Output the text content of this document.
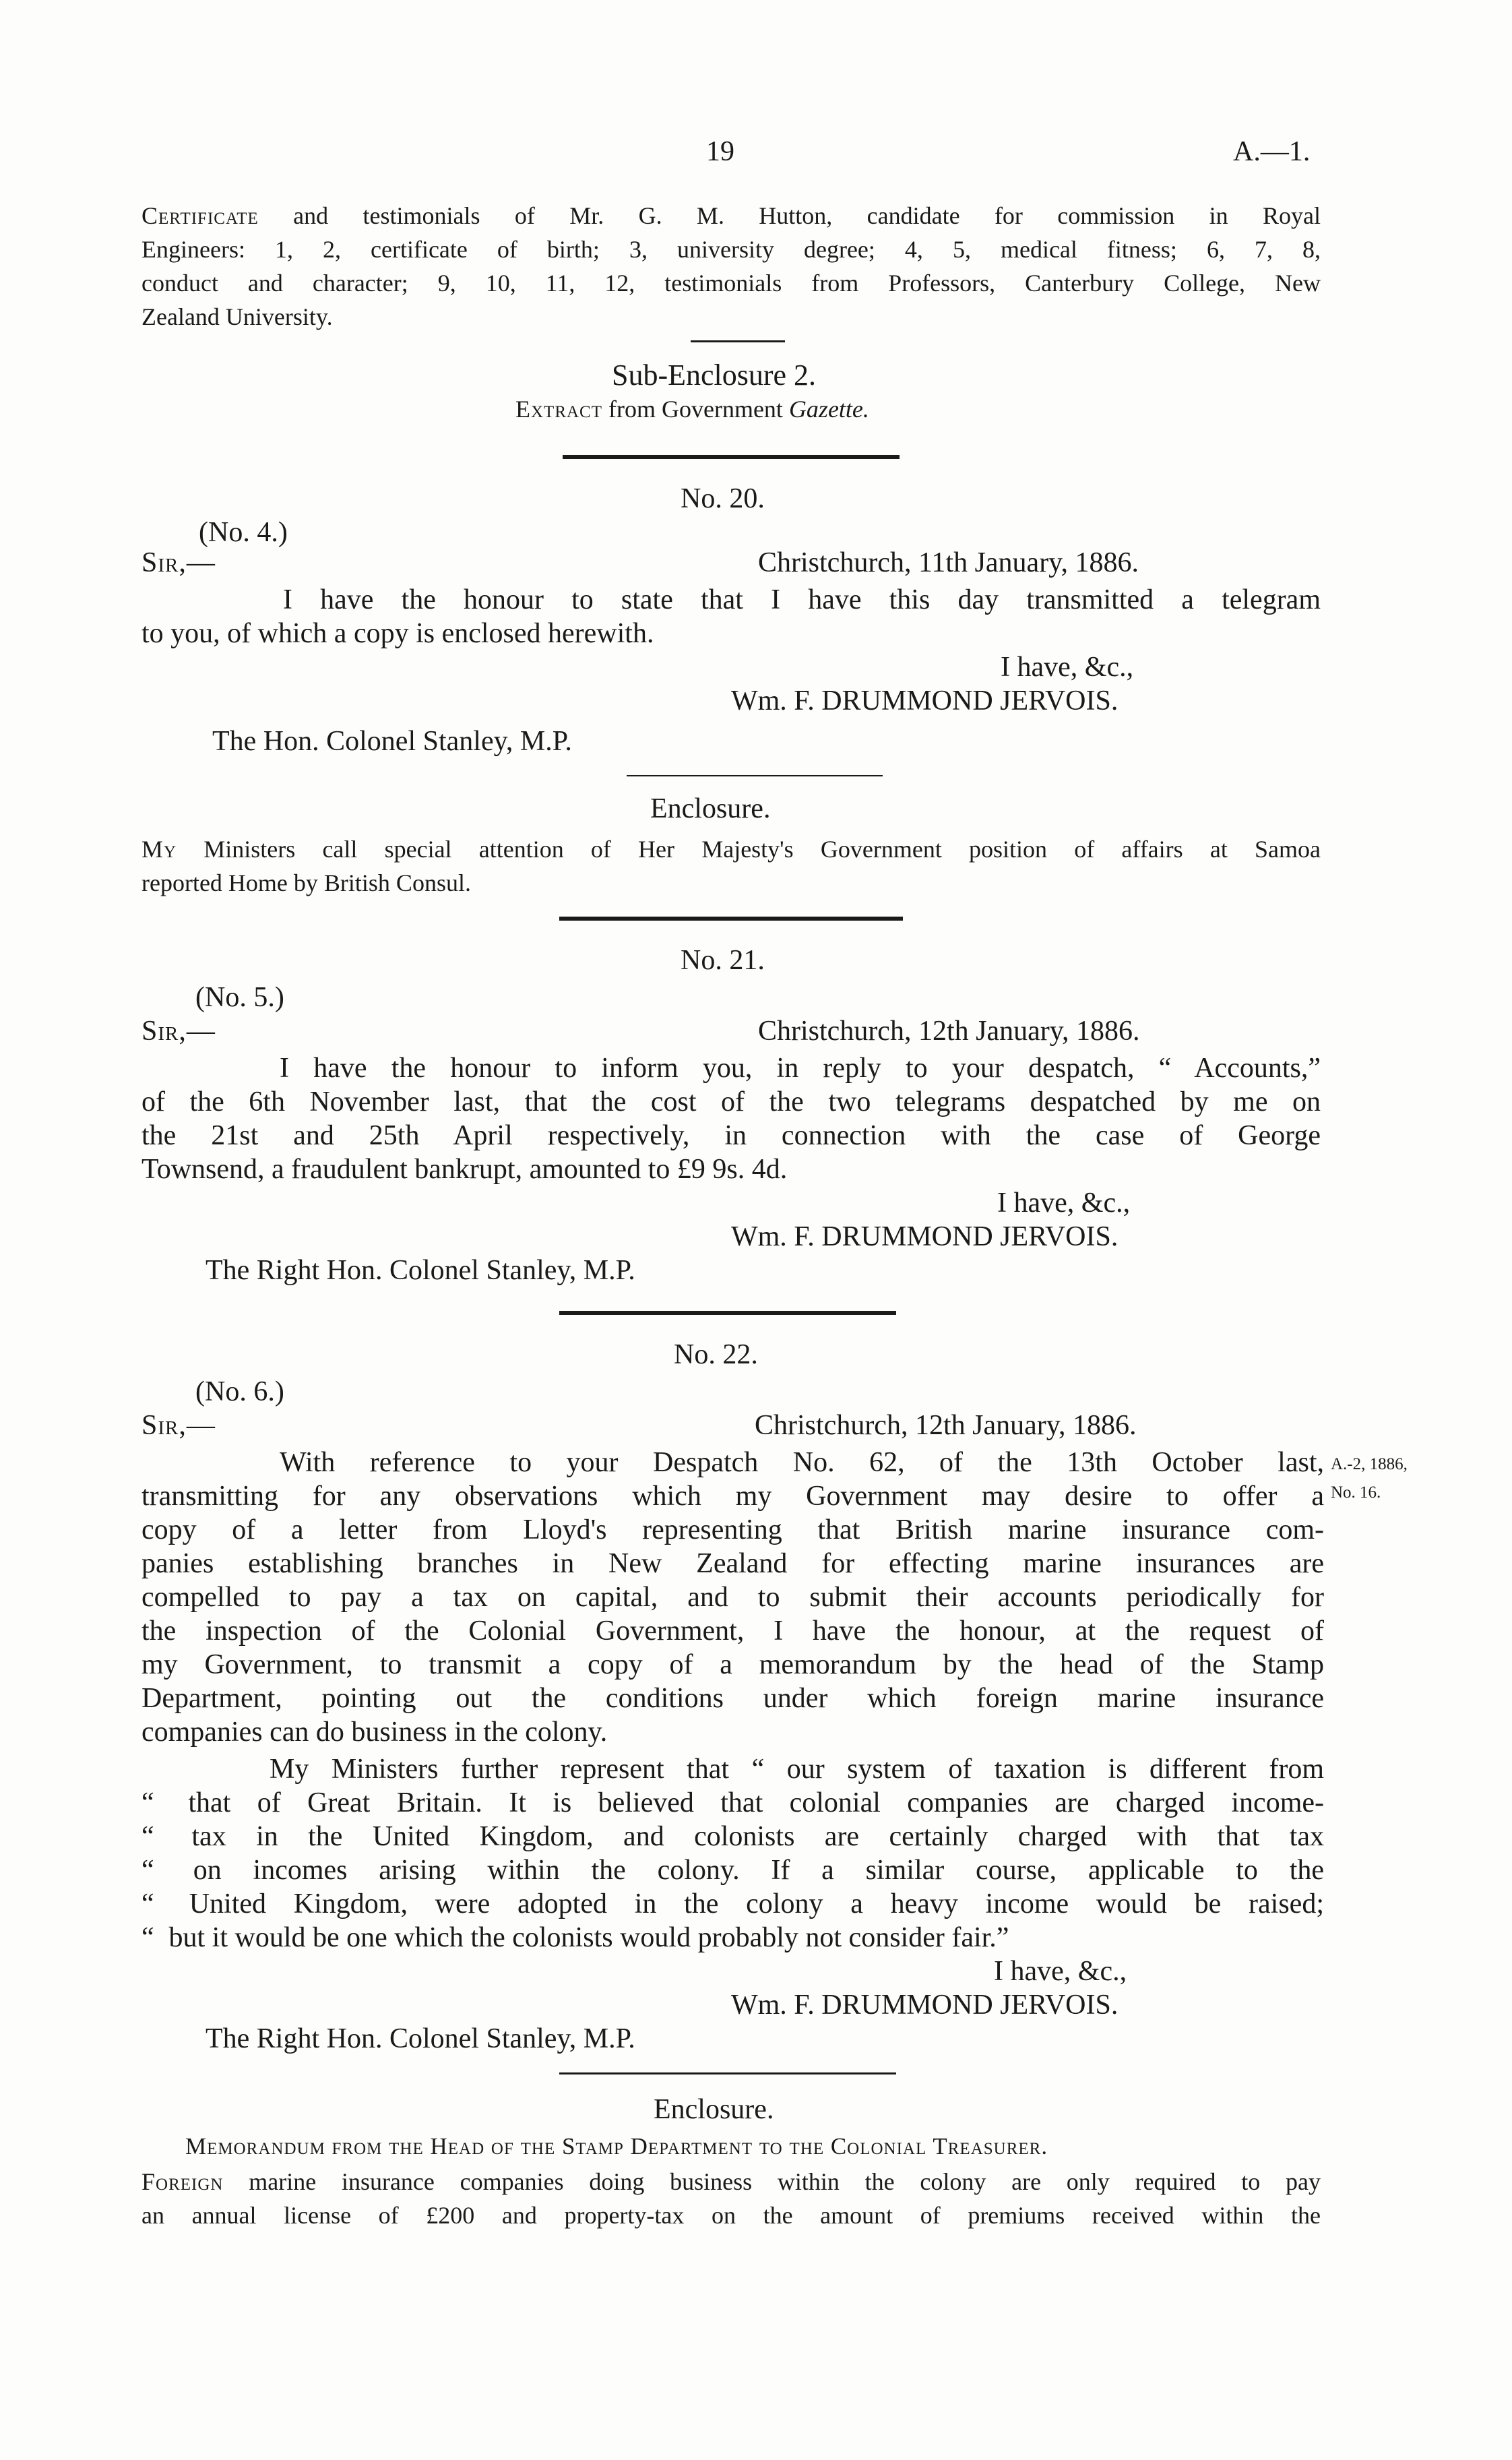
19	A.—1.
Certificate and testimonials of Mr. G. M. Hutton, candidate for commission in Royal
Engineers: 1, 2, certificate of birth; 3, university degree; 4, 5, medical fitness; 6, 7, 8,
conduct and character; 9, 10, 11, 12, testimonials from Professors, Canterbury College, New
Zealand University.
Sub-Enclosure 2.
Extract from Government Gazette.
No. 20.
(No. 4.)
Sir,—	Christchurch, 11th January, 1886.
I have the honour to state that I have this day transmitted a telegram
to you, of which a copy is enclosed herewith.
I have, &c.,
Wm. F. DRUMMOND JERVOIS.
The Hon. Colonel Stanley, M.P.
Enclosure.
My Ministers call special attention of Her Majesty's Government position of affairs at Samoa
reported Home by British Consul.
No. 21.
(No. 5.)
Sir,—	Christchurch, 12th January, 1886.
I have the honour to inform you, in reply to your despatch, “ Accounts,”
of the 6th November last, that the cost of the two telegrams despatched by me on
the 21st and 25th April respectively, in connection with the case of George
Townsend, a fraudulent bankrupt, amounted to £9 9s. 4d.
I have, &c.,
Wm. F. DRUMMOND JERVOIS.
The Right Hon. Colonel Stanley, M.P.
No. 22.
(No. 6.)
Sir,—	Christchurch, 12th January, 1886.
With reference to your Despatch No. 62, of the 13th October last,
transmitting for any observations which my Government may desire to offer a
copy of a letter from Lloyd's representing that British marine insurance com-
panies establishing branches in New Zealand for effecting marine insurances are
compelled to pay a tax on capital, and to submit their accounts periodically for
the inspection of the Colonial Government, I have the honour, at the request of
my Government, to transmit a copy of a memorandum by the head of the Stamp
Department, pointing out the conditions under which foreign marine insurance
companies can do business in the colony.
A.-2, 1886,
No. 16.
My Ministers further represent that “ our system of taxation is different from
“ that of Great Britain. It is believed that colonial companies are charged income-
“ tax in the United Kingdom, and colonists are certainly charged with that tax
“ on incomes arising within the colony. If a similar course, applicable to the
“ United Kingdom, were adopted in the colony a heavy income would be raised;
“ but it would be one which the colonists would probably not consider fair.”
I have, &c.,
Wm. F. DRUMMOND JERVOIS.
The Right Hon. Colonel Stanley, M.P.
Enclosure.
Memorandum from the Head of the Stamp Department to the Colonial Treasurer.
Foreign marine insurance companies doing business within the colony are only required to pay
an annual license of £200 and property-tax on the amount of premiums received within the
